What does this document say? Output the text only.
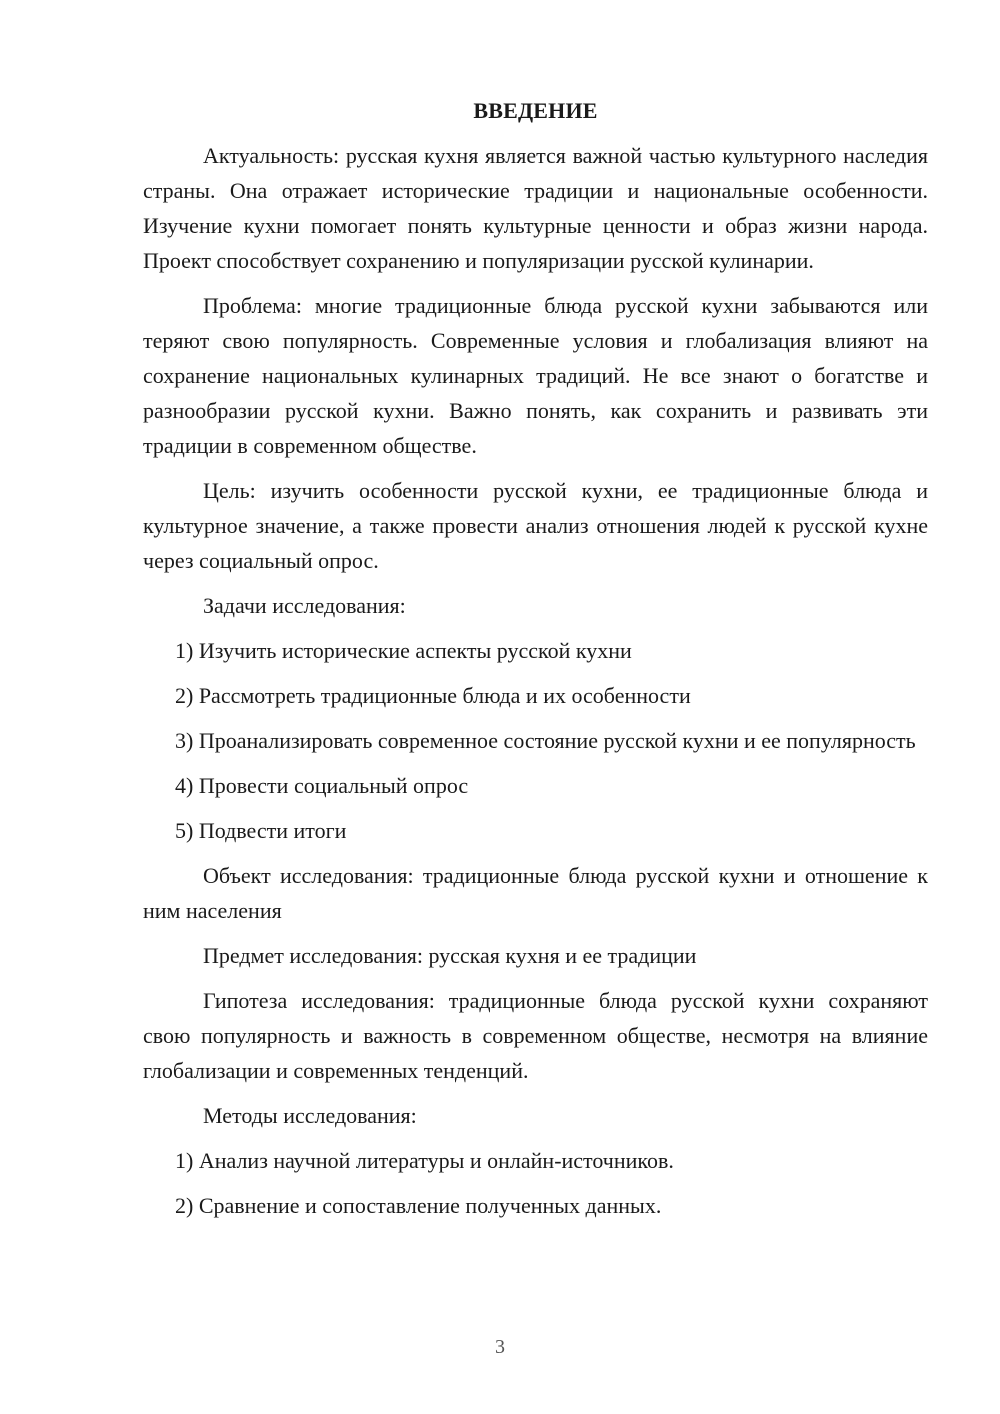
ВВЕДЕНИЕ

Актуальность: русская кухня является важной частью культурного наследия страны. Она отражает исторические традиции и национальные особенности. Изучение кухни помогает понять культурные ценности и образ жизни народа. Проект способствует сохранению и популяризации русской кулинарии.

Проблема: многие традиционные блюда русской кухни забываются или теряют свою популярность. Современные условия и глобализация влияют на сохранение национальных кулинарных традиций. Не все знают о богатстве и разнообразии русской кухни. Важно понять, как сохранить и развивать эти традиции в современном обществе.

Цель: изучить особенности русской кухни, ее традиционные блюда и культурное значение, а также провести анализ отношения людей к русской кухне через социальный опрос.

Задачи исследования:

1) Изучить исторические аспекты русской кухни

2) Рассмотреть традиционные блюда и их особенности

3) Проанализировать современное состояние русской кухни и ее популярность

4) Провести социальный опрос

5) Подвести итоги

Объект исследования: традиционные блюда русской кухни и отношение к ним населения

Предмет исследования: русская кухня и ее традиции

Гипотеза исследования: традиционные блюда русской кухни сохраняют свою популярность и важность в современном обществе, несмотря на влияние глобализации и современных тенденций.

Методы исследования:

1) Анализ научной литературы и онлайн-источников.

2) Сравнение и сопоставление полученных данных.

3
